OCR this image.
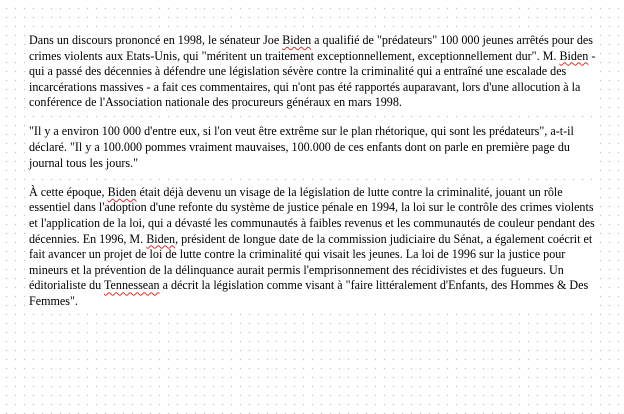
Dans un discours prononcé en 1998, le sénateur Joe Biden a qualifié de "prédateurs" 100 000 jeunes arrêtés pour des crimes violents aux Etats-Unis, qui "méritent un traitement exceptionnellement, exceptionnellement dur". M. Biden - qui a passé des décennies à défendre une législation sévère contre la criminalité qui a entraîné une escalade des incarcérations massives - a fait ces commentaires, qui n'ont pas été rapportés auparavant, lors d'une allocution à la conférence de l'Association nationale des procureurs généraux en mars 1998.

"Il y a environ 100 000 d'entre eux, si l'on veut être extrême sur le plan rhétorique, qui sont les prédateurs", a-t-il déclaré. "Il y a 100.000 pommes vraiment mauvaises, 100.000 de ces enfants dont on parle en première page du journal tous les jours."

À cette époque, Biden était déjà devenu un visage de la législation de lutte contre la criminalité, jouant un rôle essentiel dans l'adoption d'une refonte du système de justice pénale en 1994, la loi sur le contrôle des crimes violents et l'application de la loi, qui a dévasté les communautés à faibles revenus et les communautés de couleur pendant des décennies. En 1996, M. Biden, président de longue date de la commission judiciaire du Sénat, a également coécrit et fait avancer un projet de loi de lutte contre la criminalité qui visait les jeunes. La loi de 1996 sur la justice pour mineurs et la prévention de la délinquance aurait permis l'emprisonnement des récidivistes et des fugueurs. Un éditorialiste du Tennessean a décrit la législation comme visant à "faire littéralement d'Enfants, des Hommes & Des Femmes".
